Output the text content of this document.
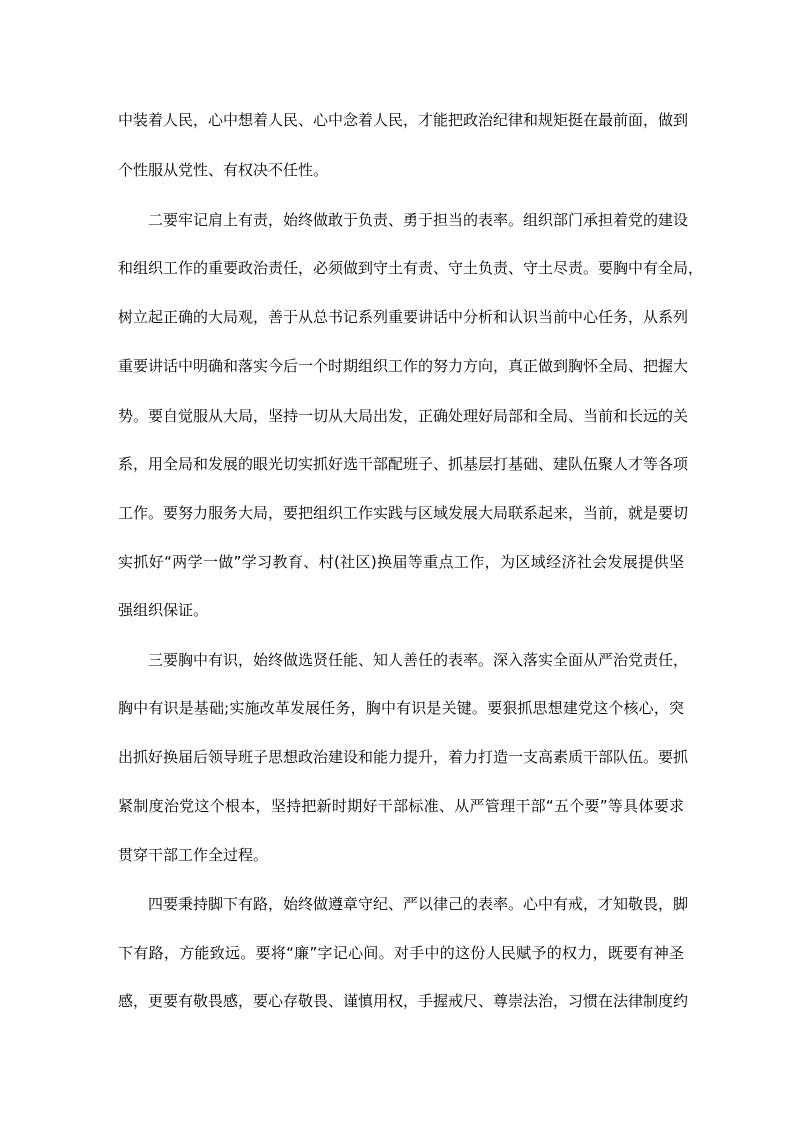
中装着人民，心中想着人民、心中念着人民，才能把政治纪律和规矩挺在最前面，做到
个性服从党性、有权决不任性。
二要牢记肩上有责，始终做敢于负责、勇于担当的表率。组织部门承担着党的建设
和组织工作的重要政治责任，必须做到守土有责、守土负责、守土尽责。要胸中有全局，
树立起正确的大局观，善于从总书记系列重要讲话中分析和认识当前中心任务，从系列
重要讲话中明确和落实今后一个时期组织工作的努力方向，真正做到胸怀全局、把握大
势。要自觉服从大局，坚持一切从大局出发，正确处理好局部和全局、当前和长远的关
系，用全局和发展的眼光切实抓好选干部配班子、抓基层打基础、建队伍聚人才等各项
工作。要努力服务大局，要把组织工作实践与区域发展大局联系起来，当前，就是要切
实抓好“两学一做”学习教育、村(社区)换届等重点工作，为区域经济社会发展提供坚
强组织保证。
三要胸中有识，始终做选贤任能、知人善任的表率。深入落实全面从严治党责任，
胸中有识是基础;实施改革发展任务，胸中有识是关键。要狠抓思想建党这个核心，突
出抓好换届后领导班子思想政治建设和能力提升，着力打造一支高素质干部队伍。要抓
紧制度治党这个根本，坚持把新时期好干部标准、从严管理干部“五个要”等具体要求
贯穿干部工作全过程。
四要秉持脚下有路，始终做遵章守纪、严以律己的表率。心中有戒，才知敬畏，脚
下有路，方能致远。要将“廉”字记心间。对手中的这份人民赋予的权力，既要有神圣
感，更要有敬畏感，要心存敬畏、谨慎用权，手握戒尺、尊崇法治，习惯在法律制度约
